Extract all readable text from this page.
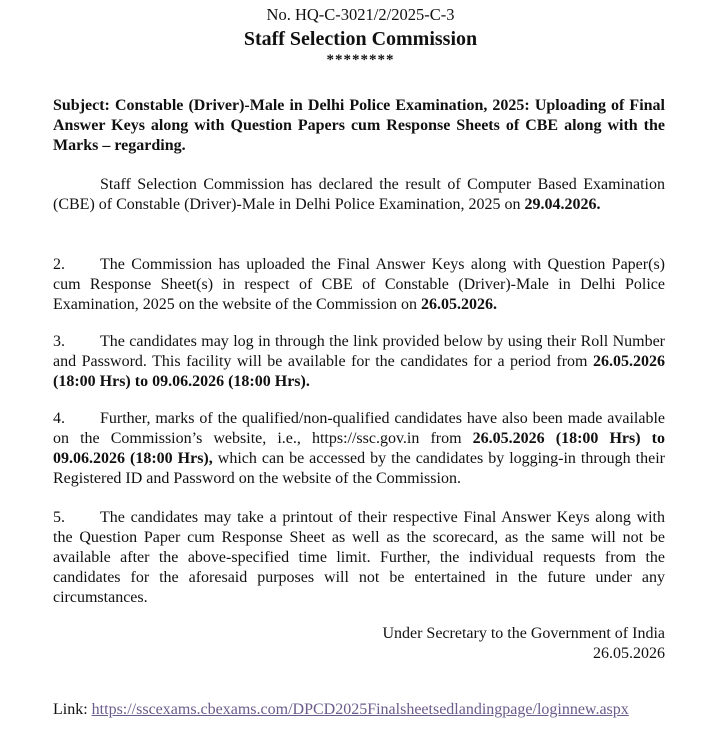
No. HQ-C-3021/2/2025-C-3
Staff Selection Commission
********
Subject: Constable (Driver)-Male in Delhi Police Examination, 2025: Uploading of Final Answer Keys along with Question Papers cum Response Sheets of CBE along with the Marks – regarding.
Staff Selection Commission has declared the result of Computer Based Examination (CBE) of Constable (Driver)-Male in Delhi Police Examination, 2025 on 29.04.2026.
2. The Commission has uploaded the Final Answer Keys along with Question Paper(s) cum Response Sheet(s) in respect of CBE of Constable (Driver)-Male in Delhi Police Examination, 2025 on the website of the Commission on 26.05.2026.
3. The candidates may log in through the link provided below by using their Roll Number and Password. This facility will be available for the candidates for a period from 26.05.2026 (18:00 Hrs) to 09.06.2026 (18:00 Hrs).
4. Further, marks of the qualified/non-qualified candidates have also been made available on the Commission’s website, i.e., https://ssc.gov.in from 26.05.2026 (18:00 Hrs) to 09.06.2026 (18:00 Hrs), which can be accessed by the candidates by logging-in through their Registered ID and Password on the website of the Commission.
5. The candidates may take a printout of their respective Final Answer Keys along with the Question Paper cum Response Sheet as well as the scorecard, as the same will not be available after the above-specified time limit. Further, the individual requests from the candidates for the aforesaid purposes will not be entertained in the future under any circumstances.
Under Secretary to the Government of India
26.05.2026
Link: https://sscexams.cbexams.com/DPCD2025Finalsheetsedlandingpage/loginnew.aspx
